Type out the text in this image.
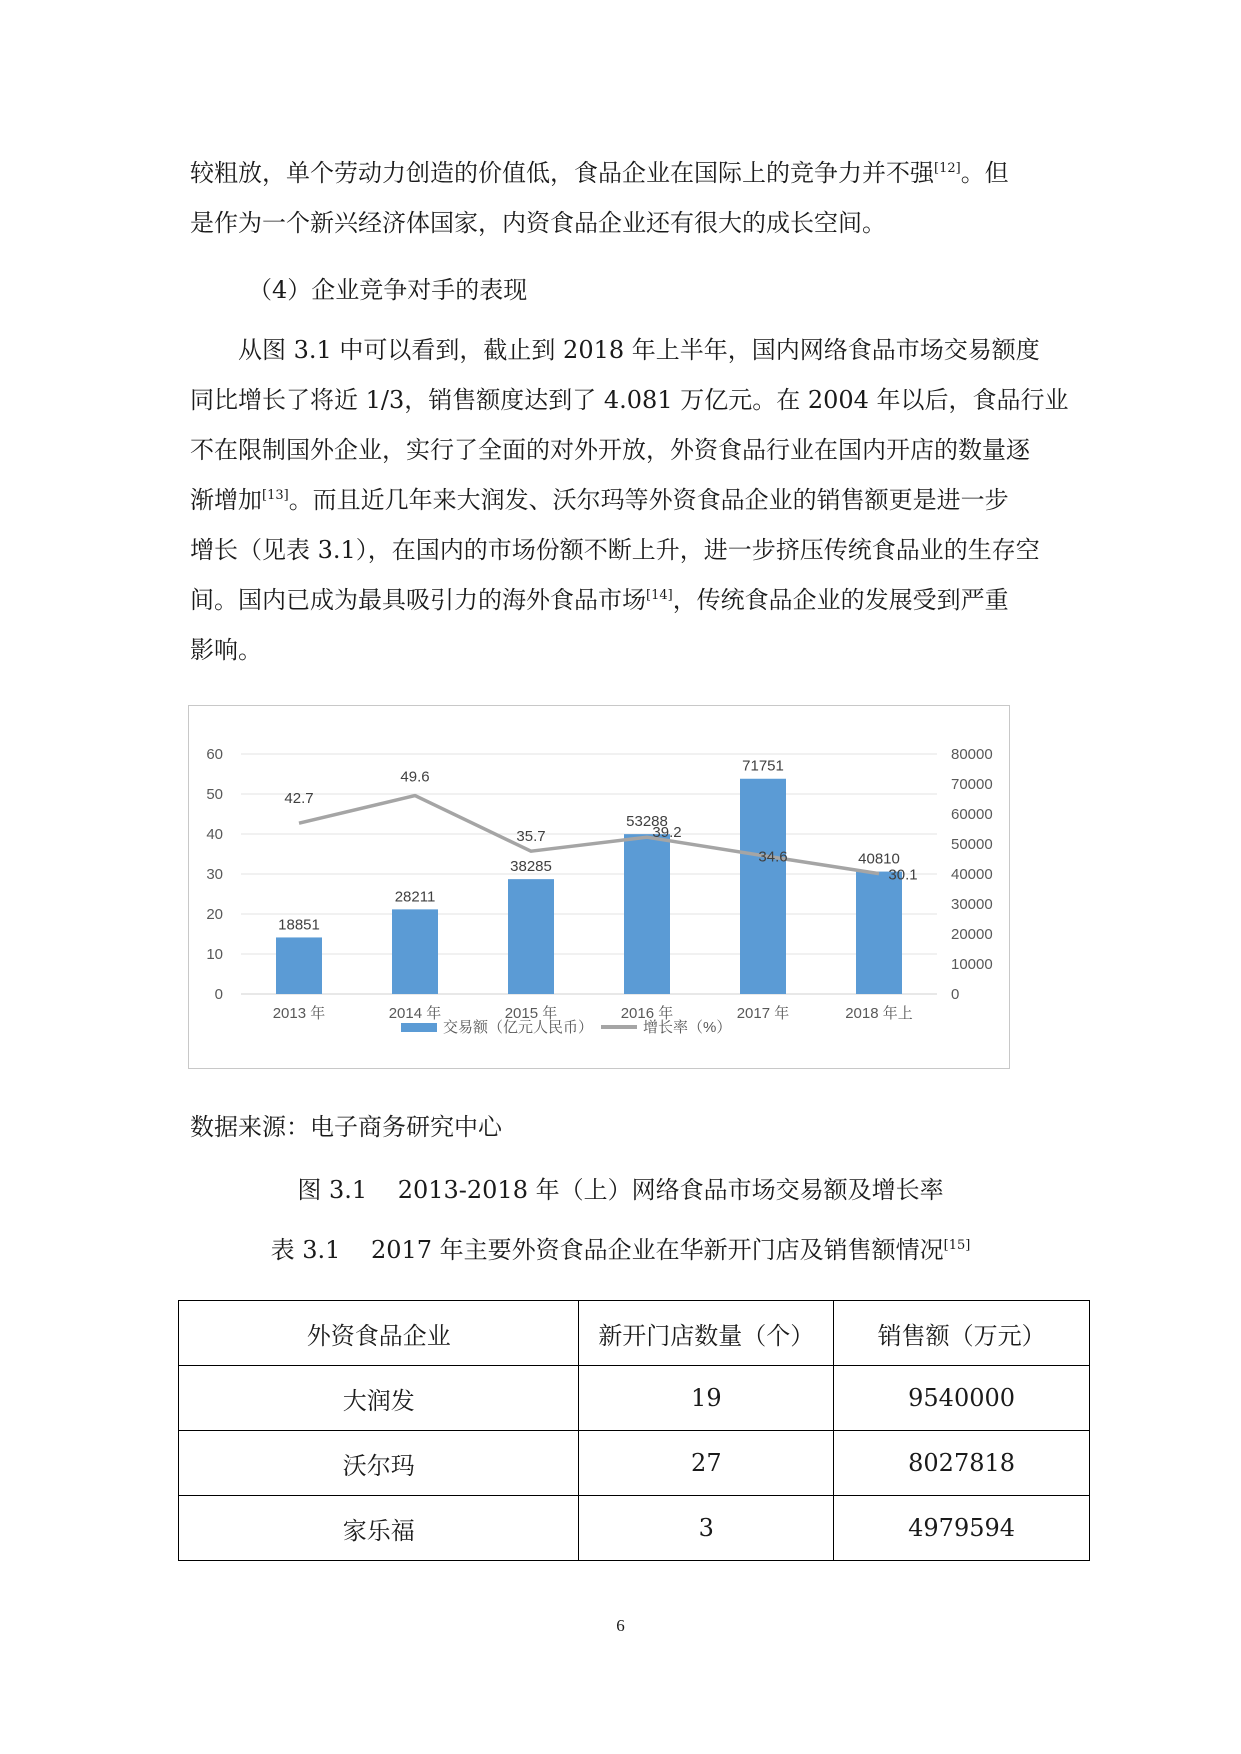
较粗放，单个劳动力创造的价值低，食品企业在国际上的竞争力并不强[12]。但
是作为一个新兴经济体国家，内资食品企业还有很大的成长空间。

（4）企业竞争对手的表现

从图 3.1 中可以看到，截止到 2018 年上半年，国内网络食品市场交易额度
同比增长了将近 1/3，销售额度达到了 4.081 万亿元。在 2004 年以后，食品行业
不在限制国外企业，实行了全面的对外开放，外资食品行业在国内开店的数量逐
渐增加[13]。而且近几年来大润发、沃尔玛等外资食品企业的销售额更是进一步
增长（见表 3.1），在国内的市场份额不断上升，进一步挤压传统食品业的生存空
间。国内已成为最具吸引力的海外食品市场[14]，传统食品企业的发展受到严重
影响。

0
10
20
30
40
50
60
0
10000
20000
30000
40000
50000
60000
70000
80000
18851
28211
38285
53288
71751
40810
42.7
49.6
35.7	39.2
34.6
30.1
2013 年	2014 年	2015 年	2016 年	2017 年	2018 年上
交易额（亿元人民币）	增长率（%）
数据来源：电子商务研究中心
图 3.1    2013-2018 年（上）网络食品市场交易额及增长率
表 3.1    2017 年主要外资食品企业在华新开门店及销售额情况[15]
外资食品企业	新开门店数量（个）	销售额（万元）
大润发	19	9540000
沃尔玛	27	8027818
家乐福	3	4979594
6
